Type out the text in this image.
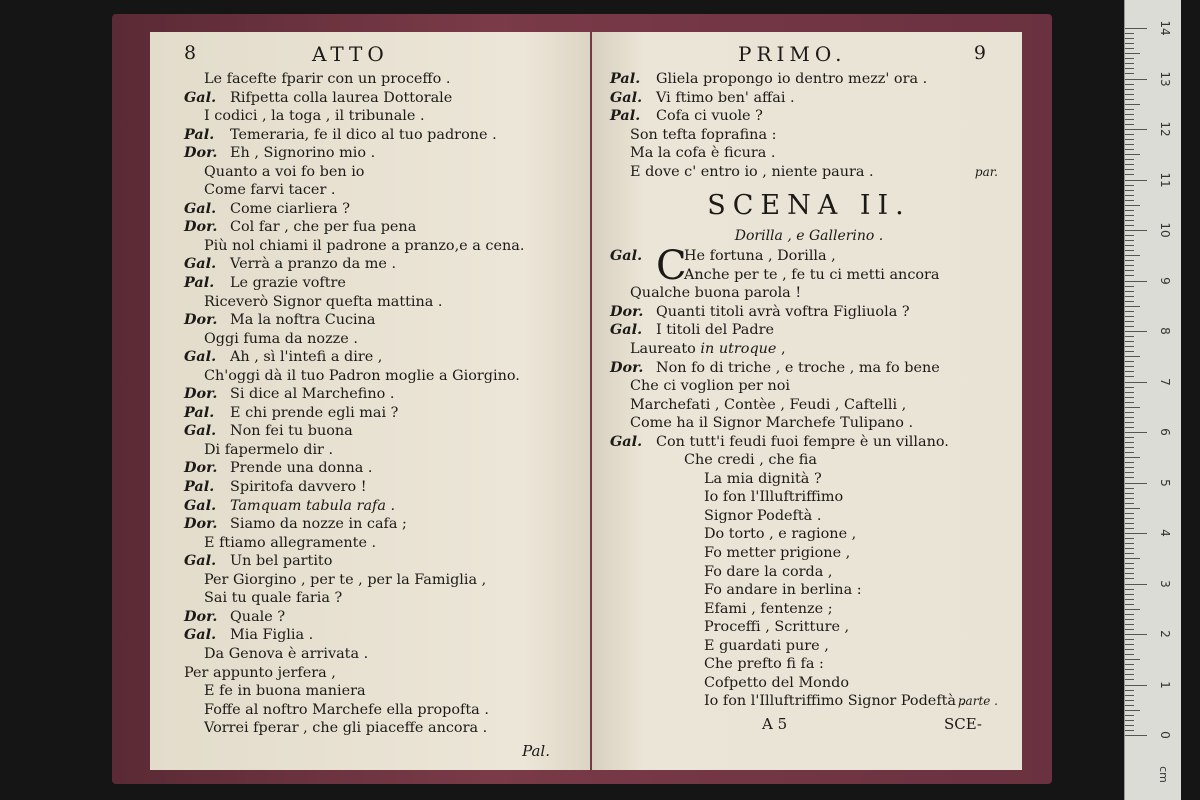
8	ATTO
Le facefte fparir con un proceffo .
Gal. Rifpetta colla laurea Dottorale
I codici , la toga , il tribunale .
Pal. Temeraria, fe il dico al tuo padrone .
Dor. Eh , Signorino mio .
Quanto a voi fo ben io
Come farvi tacer .
Gal. Come ciarliera ?
Dor. Col far , che per fua pena
Più nol chiami il padrone a pranzo,e a cena.
Gal. Verrà a pranzo da me .
Pal. Le grazie voftre
Riceverò Signor quefta mattina .
Dor. Ma la noftra Cucina
Oggi fuma da nozze .
Gal. Ah , sì l'intefi a dire ,
Ch'oggi dà il tuo Padron moglie a Giorgino.
Dor. Si dice al Marchefino .
Pal. E chi prende egli mai ?
Gal. Non fei tu buona
Di fapermelo dir .
Dor. Prende una donna .
Pal. Spiritofa davvero !
Gal. Tamquam tabula rafa .
Dor. Siamo da nozze in cafa ;
E ftiamo allegramente .
Gal. Un bel partito
Per Giorgino , per te , per la Famiglia ,
Sai tu quale faria ?
Dor. Quale ?
Gal. Mia Figlia .
Da Genova è arrivata .
Per appunto jerfera ,
E fe in buona maniera
Foffe al noftro Marchefe ella propofta .
Vorrei fperar , che gli piaceffe ancora .
Pal.
PRIMO.	9
Pal. Gliela propongo io dentro mezz' ora .
Gal. Vi ftimo ben' affai .
Pal. Cofa ci vuole ?
Son tefta foprafina :
Ma la cofa è ficura .
E dove c' entro io , niente paura .	par.
SCENA II.
Dorilla , e Gallerino .
Gal. C
He fortuna , Dorilla ,
Anche per te , fe tu ci metti ancora
Qualche buona parola !
Dor. Quanti titoli avrà voftra Figliuola ?
Gal. I titoli del Padre
Laureato in utroque ,
Dor. Non fo di triche , e troche , ma fo bene
Che ci voglion per noi
Marchefati , Contèe , Feudi , Caftelli ,
Come ha il Signor Marchefe Tulipano .
Gal. Con tutt'i feudi fuoi fempre è un villano.
Che credi , che fia
La mia dignità ?
Io fon l'Illuftriffimo
Signor Podeftà .
Do torto , e ragione ,
Fo metter prigione ,
Fo dare la corda ,
Fo andare in berlina :
Efami , fentenze ;
Proceffi , Scritture ,
E guardati pure ,
Che prefto fi fa :
Cofpetto del Mondo
Io fon l'Illuftriffimo Signor Podeftà .
parte .
A 5	SCE-
cm
14
13
12
11
10
9
8
7
6
5
4
3
2
1
0
